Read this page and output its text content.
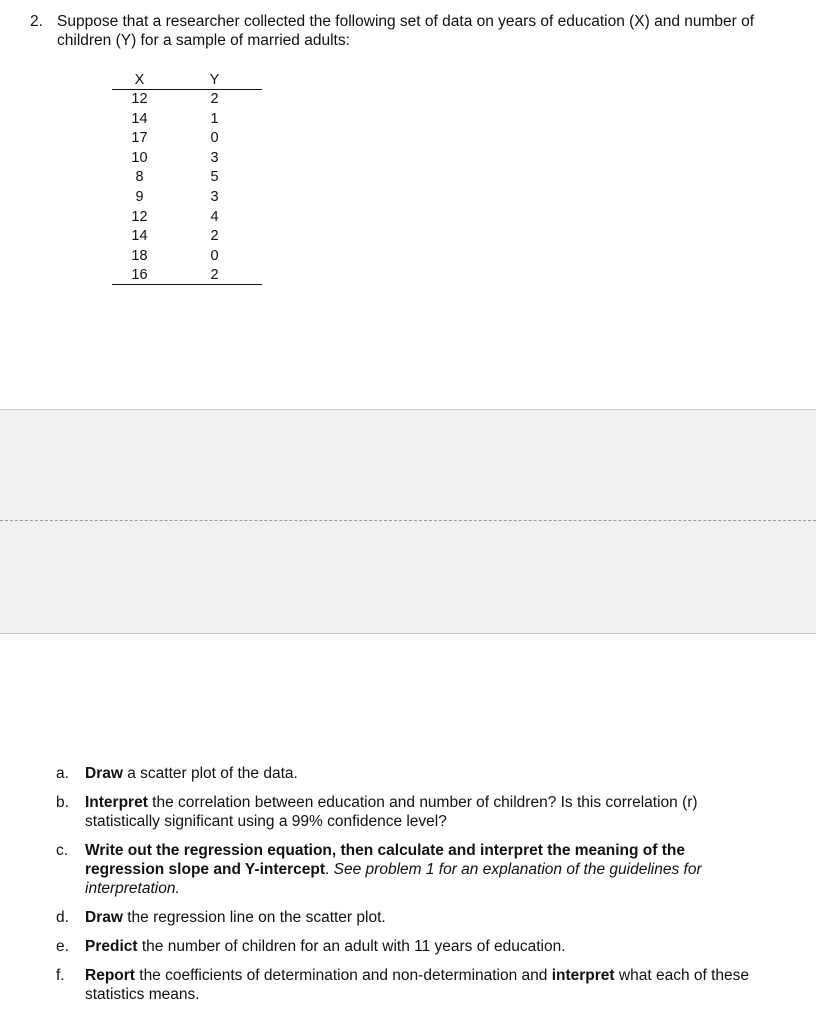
2. Suppose that a researcher collected the following set of data on years of education (X) and number of children (Y) for a sample of married adults:
X	Y
12	2
14	1
17	0
10	3
8	5
9	3
12	4
14	2
18	0
16	2
a. Draw a scatter plot of the data.
b. Interpret the correlation between education and number of children? Is this correlation (r) statistically significant using a 99% confidence level?
c. Write out the regression equation, then calculate and interpret the meaning of the regression slope and Y-intercept. See problem 1 for an explanation of the guidelines for interpretation.
d. Draw the regression line on the scatter plot.
e. Predict the number of children for an adult with 11 years of education.
f. Report the coefficients of determination and non-determination and interpret what each of these statistics means.
